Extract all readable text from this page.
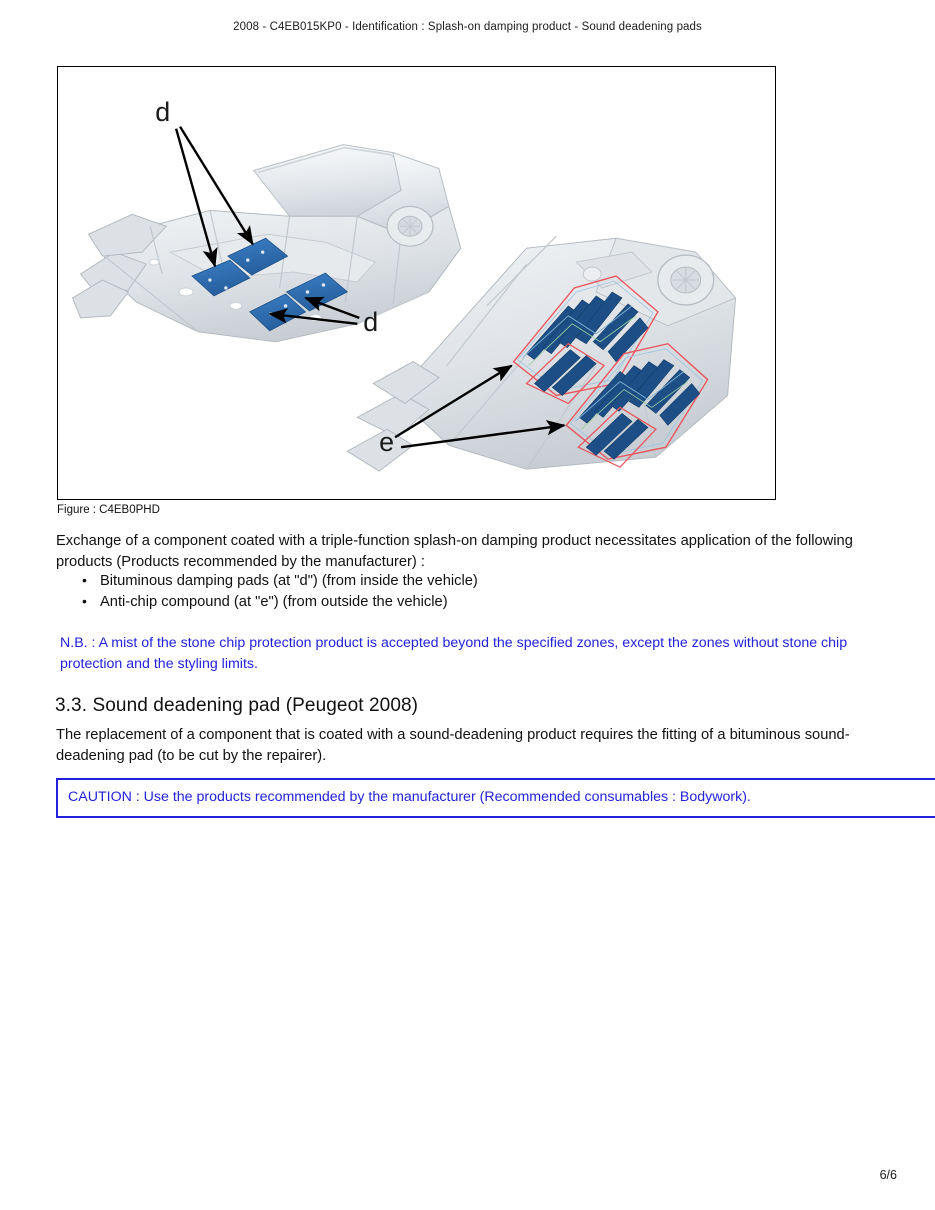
2008 - C4EB015KP0 - Identification : Splash-on damping product - Sound deadening pads
d
d
e
Figure : C4EB0PHD
Exchange of a component coated with a triple-function splash-on damping product necessitates application of the following products (Products recommended by the manufacturer) :
• Bituminous damping pads (at "d") (from inside the vehicle)
• Anti-chip compound (at "e") (from outside the vehicle)
N.B. : A mist of the stone chip protection product is accepted beyond the specified zones, except the zones without stone chip
protection and the styling limits.
3.3. Sound deadening pad (Peugeot 2008)
The replacement of a component that is coated with a sound-deadening product requires the fitting of a bituminous sound-deadening pad (to be cut by the repairer).
CAUTION : Use the products recommended by the manufacturer (Recommended consumables : Bodywork).
6/6
